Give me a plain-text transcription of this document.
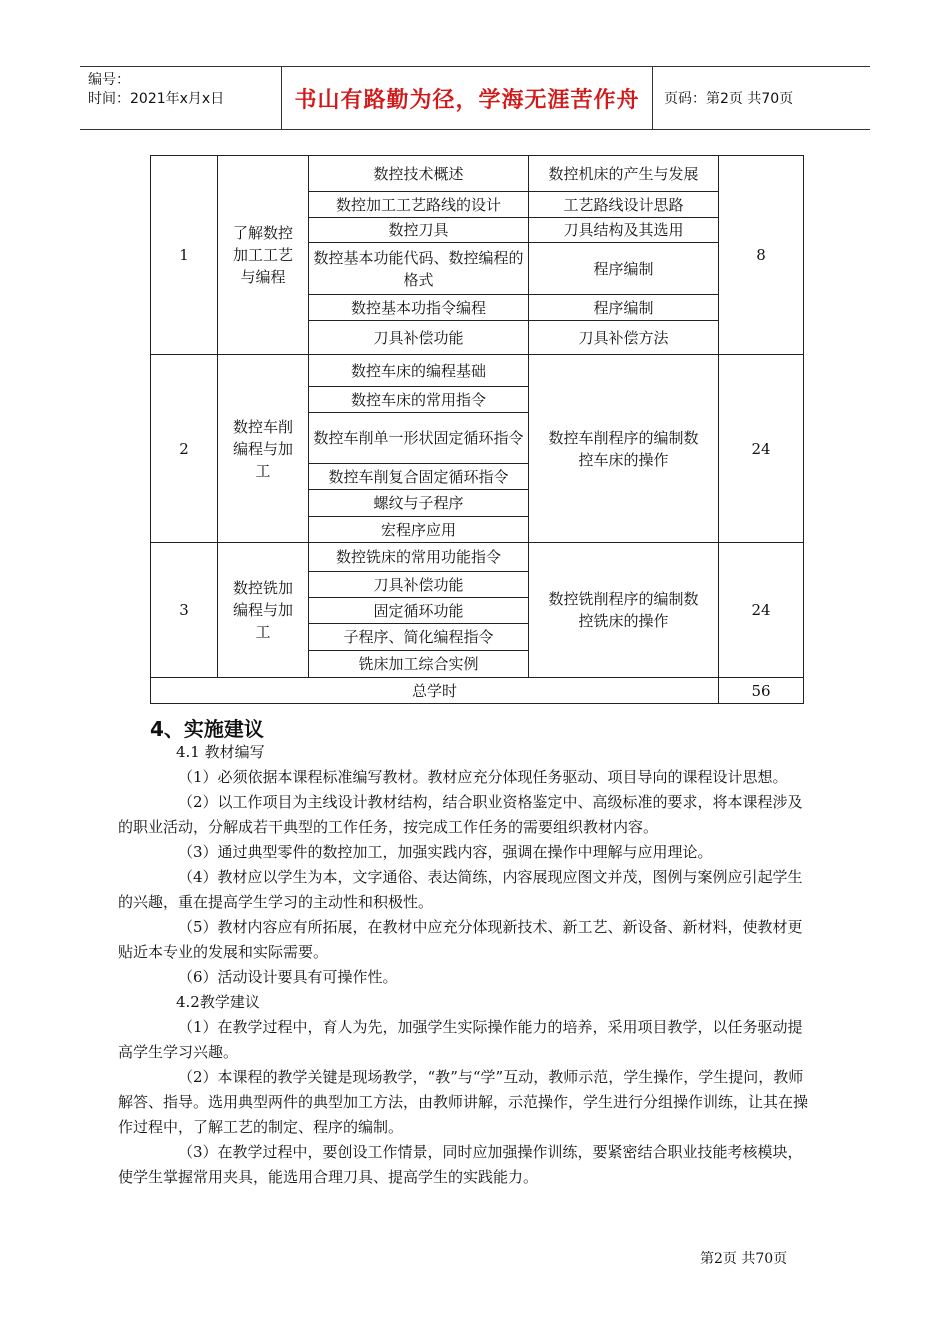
编号：
时间：2021年x月x日	书山有路勤为径，学海无涯苦作舟	页码：第2页 共70页
1	了解数控加工工艺与编程	数控技术概述	数控机床的产生与发展	8
		数控加工工艺路线的设计	工艺路线设计思路	
		数控刀具	刀具结构及其选用	
		数控基本功能代码、数控编程的格式	程序编制	
		数控基本功指令编程	程序编制	
		刀具补偿功能	刀具补偿方法	
2	数控车削编程与加工	数控车床的编程基础	数控车削程序的编制数控车床的操作	24
		数控车床的常用指令		
		数控车削单一形状固定循环指令		
		数控车削复合固定循环指令		
		螺纹与子程序		
		宏程序应用		
3	数控铣加编程与加工	数控铣床的常用功能指令	数控铣削程序的编制数控铣床的操作	24
		刀具补偿功能		
		固定循环功能		
		子程序、简化编程指令		
		铣床加工综合实例		
总学时				56
4、实施建议

4.1 教材编写

（1）必须依据本课程标准编写教材。教材应充分体现任务驱动、项目导向的课程设计思想。

（2）以工作项目为主线设计教材结构，结合职业资格鉴定中、高级标准的要求，将本课程涉及的职业活动，分解成若干典型的工作任务，按完成工作任务的需要组织教材内容。

（3）通过典型零件的数控加工，加强实践内容，强调在操作中理解与应用理论。

（4）教材应以学生为本，文字通俗、表达简练，内容展现应图文并茂，图例与案例应引起学生的兴趣，重在提高学生学习的主动性和积极性。

（5）教材内容应有所拓展，在教材中应充分体现新技术、新工艺、新设备、新材料，使教材更贴近本专业的发展和实际需要。

（6）活动设计要具有可操作性。

4.2教学建议

（1）在教学过程中，育人为先，加强学生实际操作能力的培养，采用项目教学，以任务驱动提高学生学习兴趣。

（2）本课程的教学关键是现场教学，“教”与“学”互动，教师示范，学生操作，学生提问，教师解答、指导。选用典型两件的典型加工方法，由教师讲解，示范操作，学生进行分组操作训练，让其在操作过程中，了解工艺的制定、程序的编制。

（3）在教学过程中，要创设工作情景，同时应加强操作训练，要紧密结合职业技能考核模块，使学生掌握常用夹具，能选用合理刀具、提高学生的实践能力。

第2页 共70页
